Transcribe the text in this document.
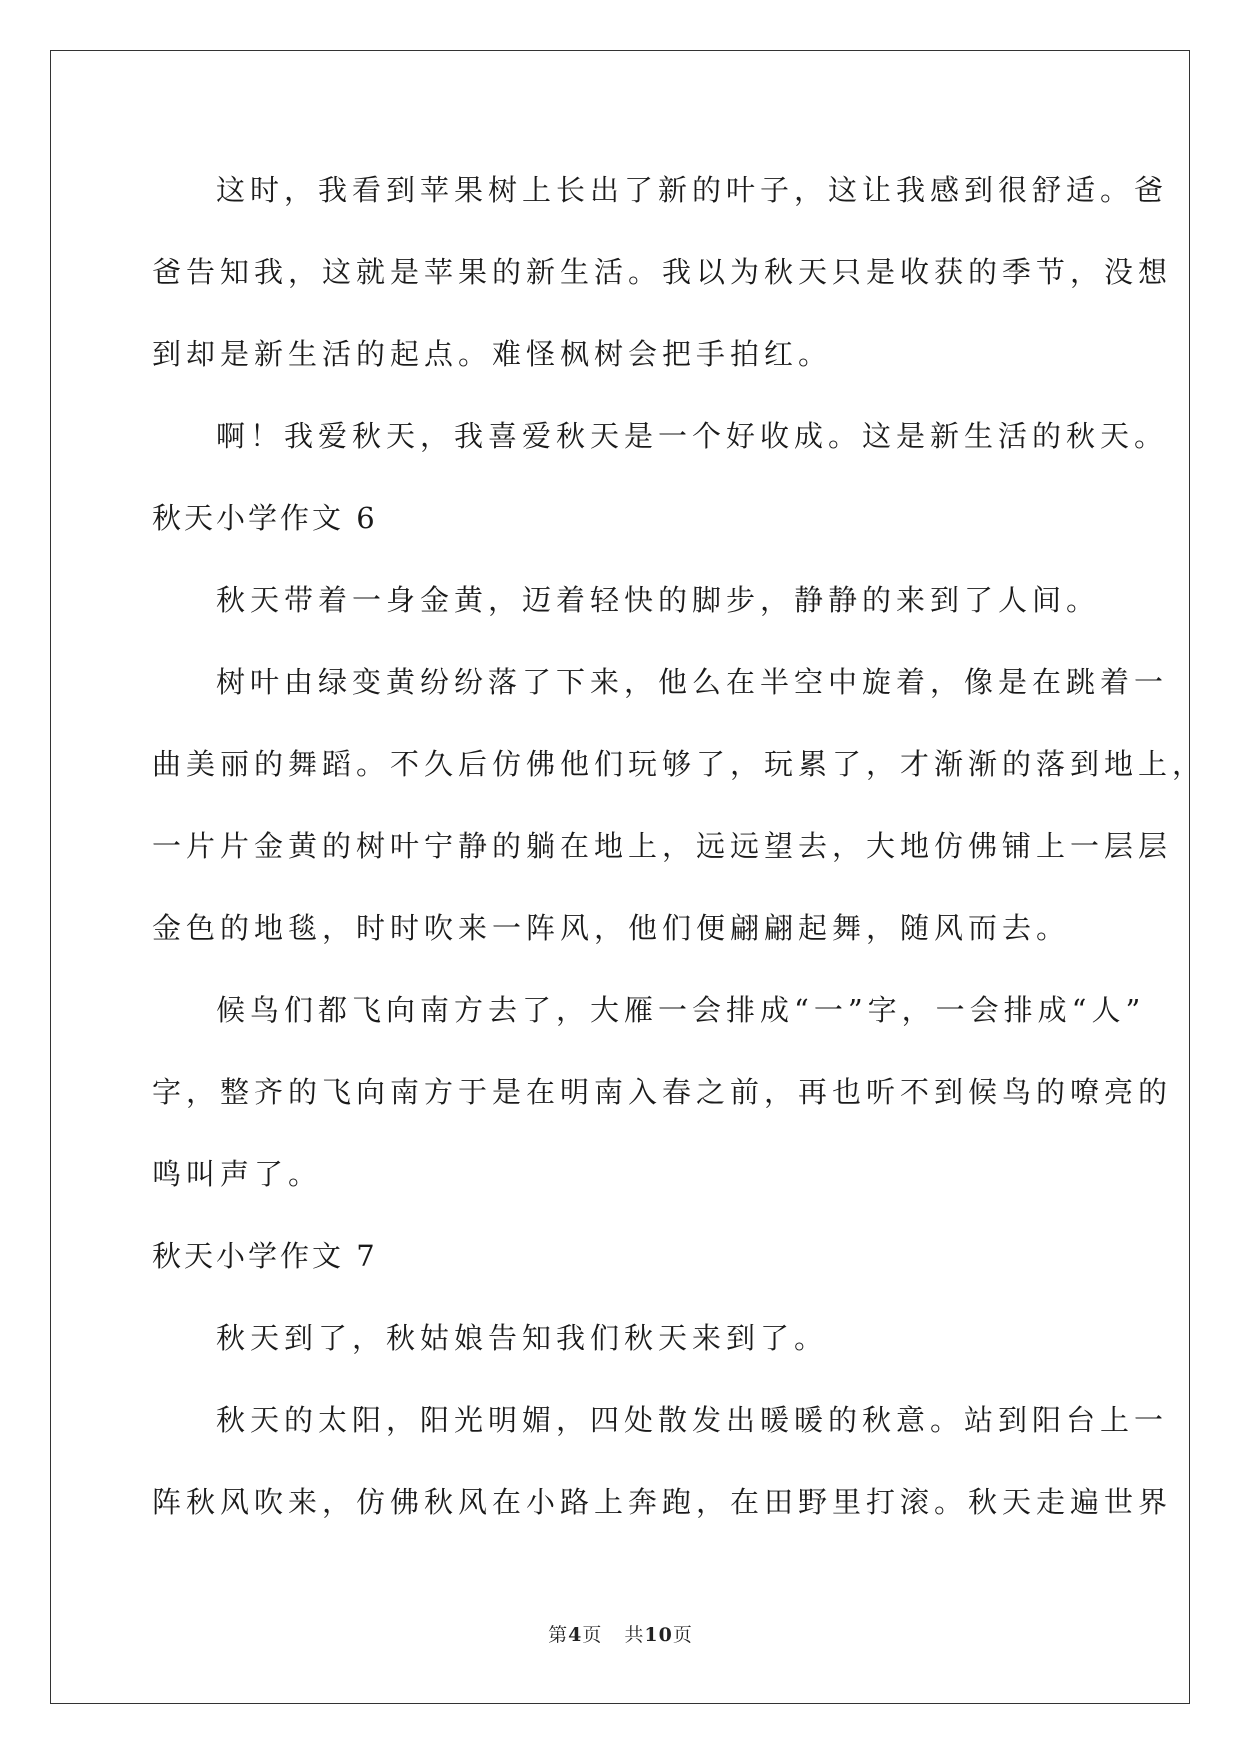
这时，我看到苹果树上长出了新的叶子，这让我感到很舒适。爸
爸告知我，这就是苹果的新生活。我以为秋天只是收获的季节，没想
到却是新生活的起点。难怪枫树会把手拍红。
啊！我爱秋天，我喜爱秋天是一个好收成。这是新生活的秋天。
秋天小学作文 6
秋天带着一身金黄，迈着轻快的脚步，静静的来到了人间。
树叶由绿变黄纷纷落了下来，他么在半空中旋着，像是在跳着一
曲美丽的舞蹈。不久后仿佛他们玩够了，玩累了，才渐渐的落到地上，
一片片金黄的树叶宁静的躺在地上，远远望去，大地仿佛铺上一层层
金色的地毯，时时吹来一阵风，他们便翩翩起舞，随风而去。
候鸟们都飞向南方去了，大雁一会排成“一”字，一会排成“人”
字，整齐的飞向南方于是在明南入春之前，再也听不到候鸟的嘹亮的
鸣叫声了。
秋天小学作文 7
秋天到了，秋姑娘告知我们秋天来到了。
秋天的太阳，阳光明媚，四处散发出暖暖的秋意。站到阳台上一
阵秋风吹来，仿佛秋风在小路上奔跑，在田野里打滚。秋天走遍世界
第4页 共10页
